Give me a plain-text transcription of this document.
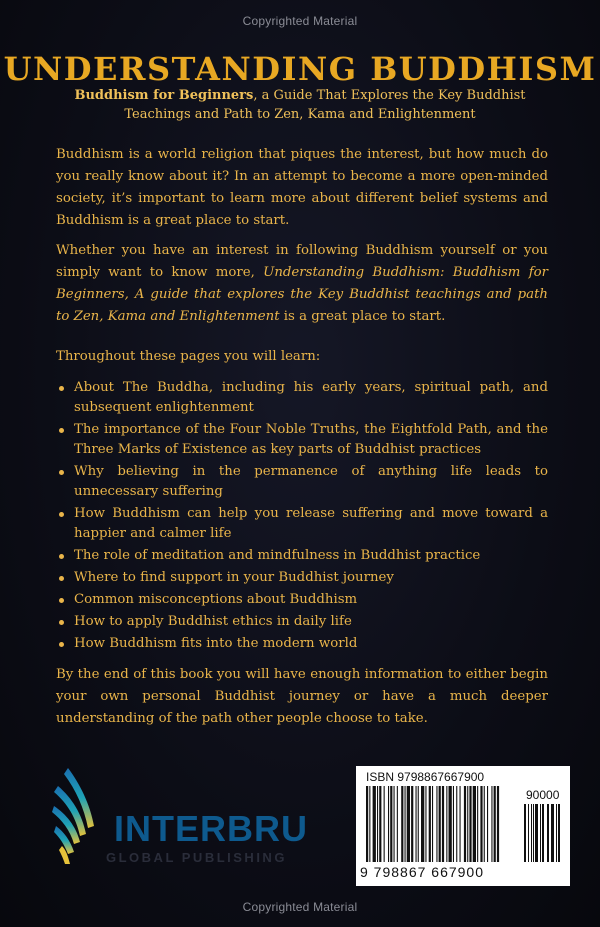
Copyrighted Material
UNDERSTANDING BUDDHISM
Buddhism for Beginners, a Guide That Explores the Key Buddhist Teachings and Path to Zen, Kama and Enlightenment
Buddhism is a world religion that piques the interest, but how much do you really know about it? In an attempt to become a more open-minded society, it’s important to learn more about different belief systems and Buddhism is a great place to start.
Whether you have an interest in following Buddhism yourself or you simply want to know more, Understanding Buddhism: Buddhism for Beginners, A guide that explores the Key Buddhist teachings and path to Zen, Kama and Enlightenment is a great place to start.
Throughout these pages you will learn:
About The Buddha, including his early years, spiritual path, and subsequent enlightenment
The importance of the Four Noble Truths, the Eightfold Path, and the Three Marks of Existence as key parts of Buddhist practices
Why believing in the permanence of anything life leads to unnecessary suffering
How Buddhism can help you release suffering and move toward a happier and calmer life
The role of meditation and mindfulness in Buddhist practice
Where to find support in your Buddhist journey
Common misconceptions about Buddhism
How to apply Buddhist ethics in daily life
How Buddhism fits into the modern world
By the end of this book you will have enough information to either begin your own personal Buddhist journey or have a much deeper understanding of the path other people choose to take.
INTERBRU
GLOBAL PUBLISHING
ISBN 9798867667900
90000
9 798867 667900
Copyrighted Material
